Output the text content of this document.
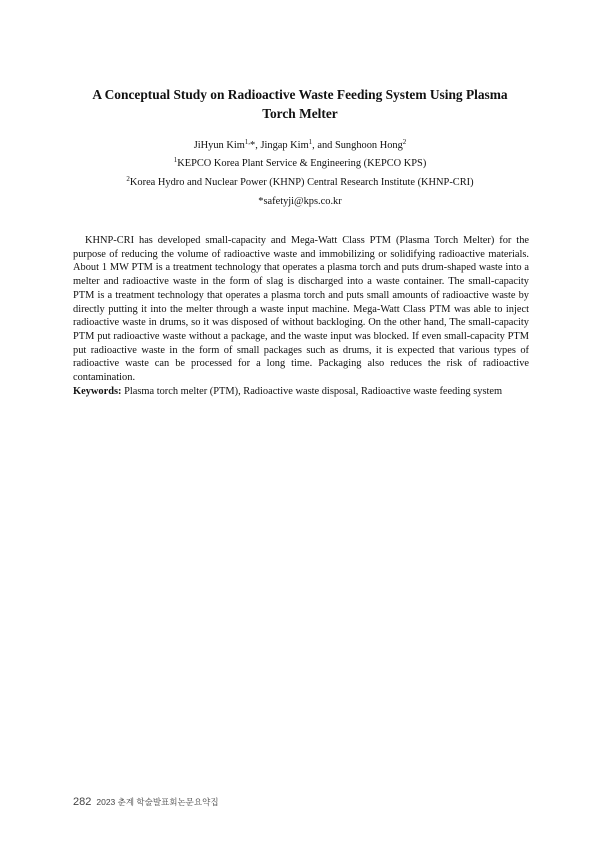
A Conceptual Study on Radioactive Waste Feeding System Using Plasma Torch Melter
JiHyun Kim$^{1,}$*, Jingap Kim$^1$, and Sunghoon Hong$^2$
$^1$KEPCO Korea Plant Service & Engineering (KEPCO KPS)
$^2$Korea Hydro and Nuclear Power (KHNP) Central Research Institute (KHNP-CRI)
*safetyji@kps.co.kr

KHNP-CRI has developed small-capacity and Mega-Watt Class PTM (Plasma Torch Melter) for the purpose of reducing the volume of radioactive waste and immobilizing or solidifying radioactive materials. About 1 MW PTM is a treatment technology that operates a plasma torch and puts drum-shaped waste into a melter and radioactive waste in the form of slag is discharged into a waste container. The small-capacity PTM is a treatment technology that operates a plasma torch and puts small amounts of radioactive waste by directly putting it into the melter through a waste input machine. Mega-Watt Class PTM was able to inject radioactive waste in drums, so it was disposed of without backloging. On the other hand, The small-capacity PTM put radioactive waste without a package, and the waste input was blocked. If even small-capacity PTM put radioactive waste in the form of small packages such as drums, it is expected that various types of radioactive waste can be processed for a long time. Packaging also reduces the risk of radioactive contamination.

Keywords: Plasma torch melter (PTM), Radioactive waste disposal, Radioactive waste feeding system
282 2023 춘계 학술발표회논문요약집
